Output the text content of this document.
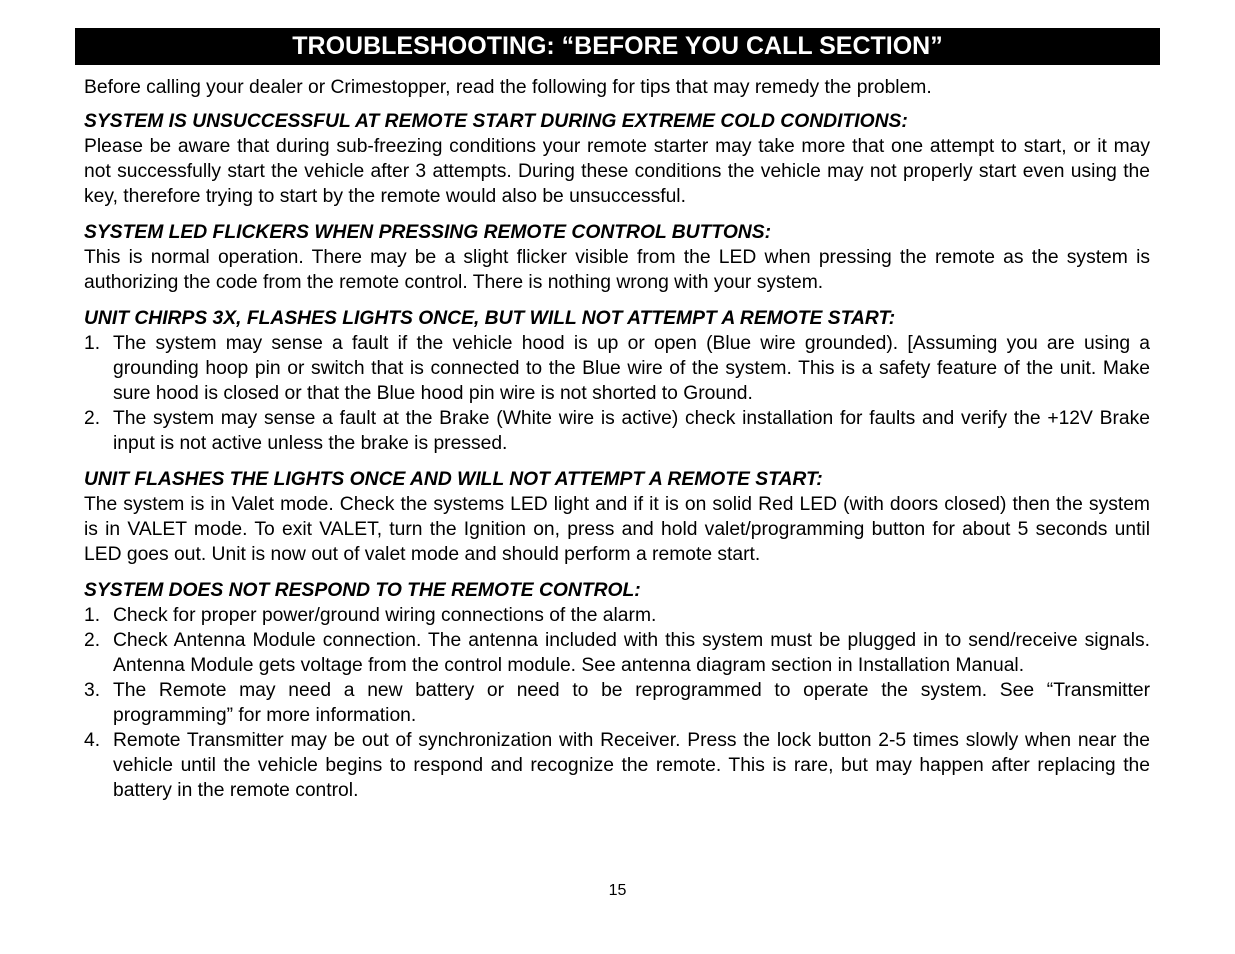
TROUBLESHOOTING: “BEFORE YOU CALL SECTION”

Before calling your dealer or Crimestopper, read the following for tips that may remedy the problem.

SYSTEM IS UNSUCCESSFUL AT REMOTE START DURING EXTREME COLD CONDITIONS:

Please be aware that during sub-freezing conditions your remote starter may take more that one attempt to start, or it may not successfully start the vehicle after 3 attempts. During these conditions the vehicle may not properly start even using the key, therefore trying to start by the remote would also be unsuccessful.

SYSTEM LED FLICKERS WHEN PRESSING REMOTE CONTROL BUTTONS:

This is normal operation. There may be a slight flicker visible from the LED when pressing the remote as the system is authorizing the code from the remote control. There is nothing wrong with your system.

UNIT CHIRPS 3X, FLASHES LIGHTS ONCE, BUT WILL NOT ATTEMPT A REMOTE START:

1. The system may sense a fault if the vehicle hood is up or open (Blue wire grounded). [Assuming you are using a grounding hoop pin or switch that is connected to the Blue wire of the system. This is a safety feature of the unit. Make sure hood is closed or that the Blue hood pin wire is not shorted to Ground.
2. The system may sense a fault at the Brake (White wire is active) check installation for faults and verify the +12V Brake input is not active unless the brake is pressed.

UNIT FLASHES THE LIGHTS ONCE AND WILL NOT ATTEMPT A REMOTE START:

The system is in Valet mode. Check the systems LED light and if it is on solid Red LED (with doors closed) then the system is in VALET mode. To exit VALET, turn the Ignition on, press and hold valet/programming button for about 5 seconds until LED goes out. Unit is now out of valet mode and should perform a remote start.

SYSTEM DOES NOT RESPOND TO THE REMOTE CONTROL:

1. Check for proper power/ground wiring connections of the alarm.
2. Check Antenna Module connection. The antenna included with this system must be plugged in to send/receive signals. Antenna Module gets voltage from the control module. See antenna diagram section in Installation Manual.
3. The Remote may need a new battery or need to be reprogrammed to operate the system. See “Transmitter programming” for more information.
4. Remote Transmitter may be out of synchronization with Receiver. Press the lock button 2-5 times slowly when near the vehicle until the vehicle begins to respond and recognize the remote. This is rare, but may happen after replacing the battery in the remote control.
15
